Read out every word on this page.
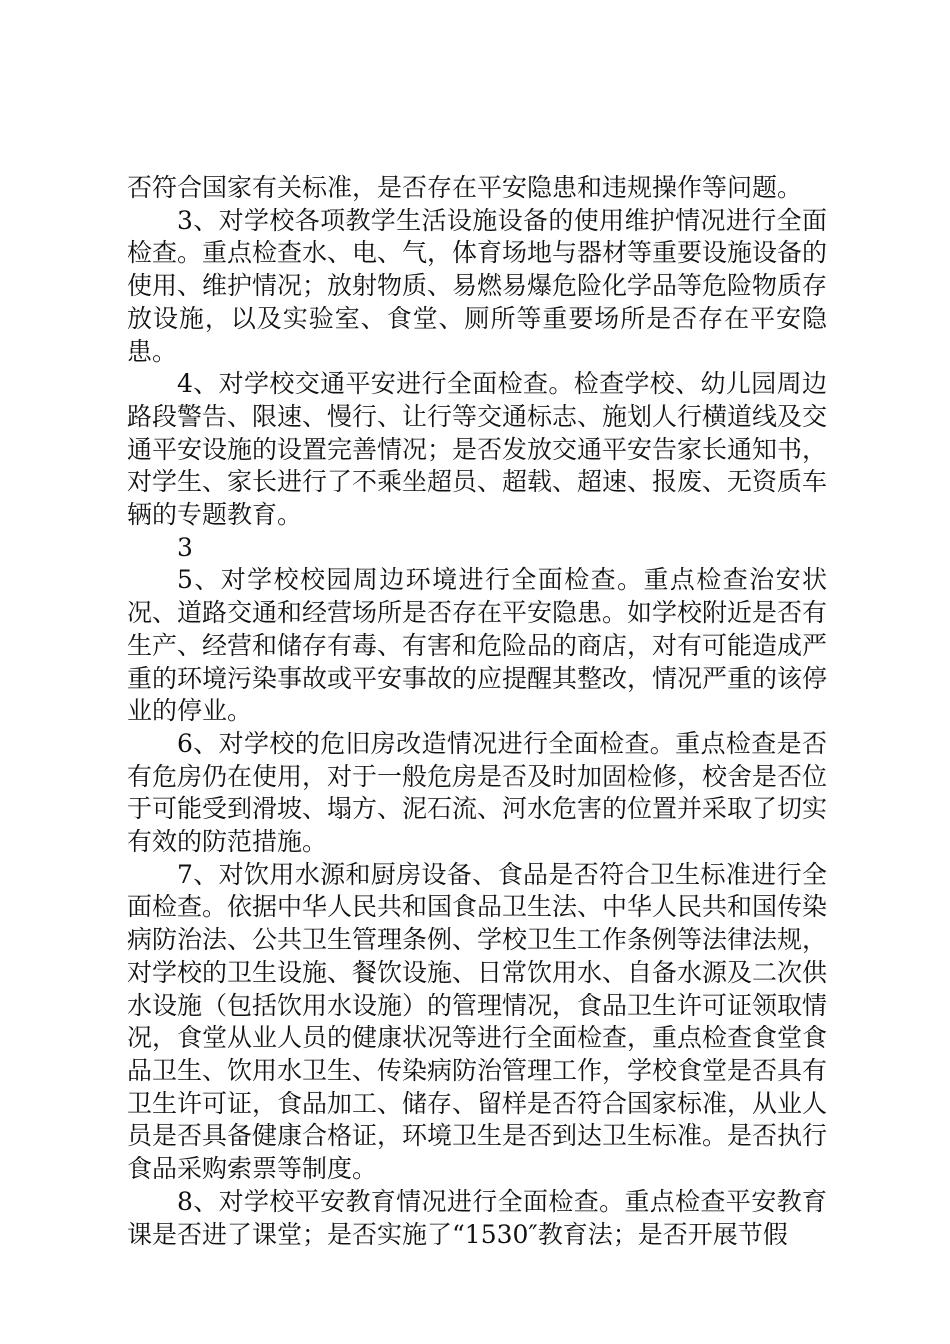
否符合国家有关标准，是否存在平安隐患和违规操作等问题。

3、对学校各项教学生活设施设备的使用维护情况进行全面检查。重点检查水、电、气，体育场地与器材等重要设施设备的使用、维护情况；放射物质、易燃易爆危险化学品等危险物质存放设施，以及实验室、食堂、厕所等重要场所是否存在平安隐患。

4、对学校交通平安进行全面检查。检查学校、幼儿园周边路段警告、限速、慢行、让行等交通标志、施划人行横道线及交通平安设施的设置完善情况；是否发放交通平安告家长通知书，对学生、家长进行了不乘坐超员、超载、超速、报废、无资质车辆的专题教育。

3

5、对学校校园周边环境进行全面检查。重点检查治安状况、道路交通和经营场所是否存在平安隐患。如学校附近是否有生产、经营和储存有毒、有害和危险品的商店，对有可能造成严重的环境污染事故或平安事故的应提醒其整改，情况严重的该停业的停业。

6、对学校的危旧房改造情况进行全面检查。重点检查是否有危房仍在使用，对于一般危房是否及时加固检修，校舍是否位于可能受到滑坡、塌方、泥石流、河水危害的位置并采取了切实有效的防范措施。

7、对饮用水源和厨房设备、食品是否符合卫生标准进行全面检查。依据中华人民共和国食品卫生法、中华人民共和国传染病防治法、公共卫生管理条例、学校卫生工作条例等法律法规，对学校的卫生设施、餐饮设施、日常饮用水、自备水源及二次供水设施（包括饮用水设施）的管理情况，食品卫生许可证领取情况，食堂从业人员的健康状况等进行全面检查，重点检查食堂食品卫生、饮用水卫生、传染病防治管理工作，学校食堂是否具有卫生许可证，食品加工、储存、留样是否符合国家标准，从业人员是否具备健康合格证，环境卫生是否到达卫生标准。是否执行食品采购索票等制度。

8、对学校平安教育情况进行全面检查。重点检查平安教育课是否进了课堂；是否实施了“1530″教育法；是否开展节假
